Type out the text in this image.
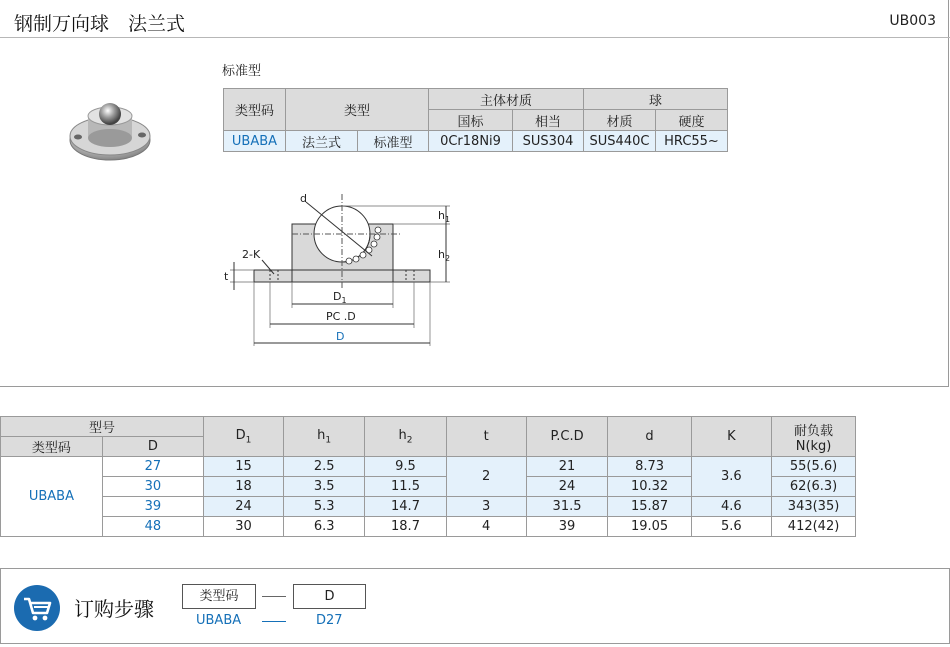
钢制万向球　法兰式	UB003
标准型
类型码	类型		主体材质		球	
			国标	相当	材质	硬度
UBABA	法兰式	标准型	0Cr18Ni9	SUS304	SUS440C	HRC55~
d
$h_1$
$h_2$
2-K
t
$D_1$
PC .D
D
型号		$D_1$	$h_1$	$h_2$	t	P.C.D	d	K	耐负载
N(kg)
类型码	D								
UBABA	27	15	2.5	9.5	2	21	8.73	3.6	55(5.6)
	30	18	3.5	11.5		24	10.32		62(6.3)
	39	24	5.3	14.7	3	31.5	15.87	4.6	343(35)
	48	30	6.3	18.7	4	39	19.05	5.6	412(42)
订购步骤
类型码	D
UBABA	D27
